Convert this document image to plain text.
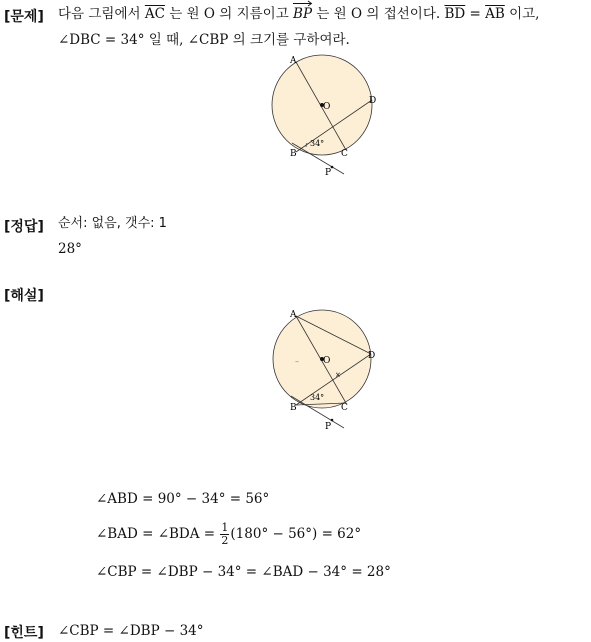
[문제] 다음 그림에서 $\overline{AC}$ 는 원 O 의 지름이고 BP
는 원 O 의 접선이다. $\overline{BD} = \overline{AB}$ 이고,
∠DBC = 34° 일 때, ∠CBP 의 크기를 구하여라.
A
O
D
B	C
P
34°
[정답] 순서: 없음, 갯수: 1
28°
[해설]
×
–
A
O	D
B	C
P
34°
∠ABD = 90° − 34° = 56°
∠BAD = ∠BDA = $\frac{1}{2} (180^\circ - 56^\circ) = 62^\circ$
∠CBP = ∠DBP − 34° = ∠BAD − 34° = 28°
[힌트] ∠CBP = ∠DBP − 34°
